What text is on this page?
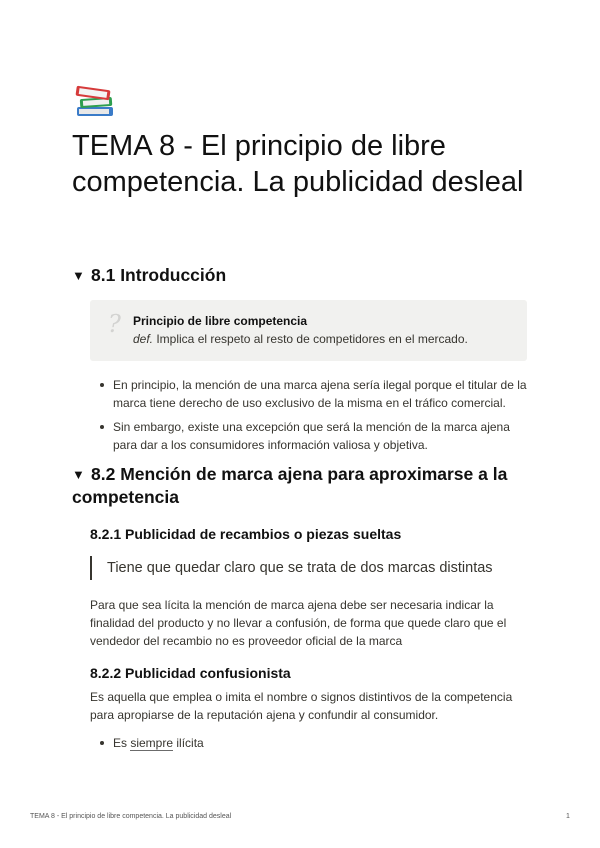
TEMA 8 - El principio de libre competencia. La publicidad desleal
▼ 8.1 Introducción
? Principio de libre competencia
def. Implica el respeto al resto de competidores en el mercado.
En principio, la mención de una marca ajena sería ilegal porque el titular de la marca tiene derecho de uso exclusivo de la misma en el tráfico comercial.
Sin embargo, existe una excepción que será la mención de la marca ajena para dar a los consumidores información valiosa y objetiva.
▼ 8.2 Mención de marca ajena para aproximarse a la competencia
8.2.1 Publicidad de recambios o piezas sueltas
Tiene que quedar claro que se trata de dos marcas distintas

Para que sea lícita la mención de marca ajena debe ser necesaria indicar la finalidad del producto y no llevar a confusión, de forma que quede claro que el vendedor del recambio no es proveedor oficial de la marca

8.2.2 Publicidad confusionista

Es aquella que emplea o imita el nombre o signos distintivos de la competencia para apropiarse de la reputación ajena y confundir al consumidor.

Es siempre ilícita
TEMA 8 - El principio de libre competencia. La publicidad desleal	1
